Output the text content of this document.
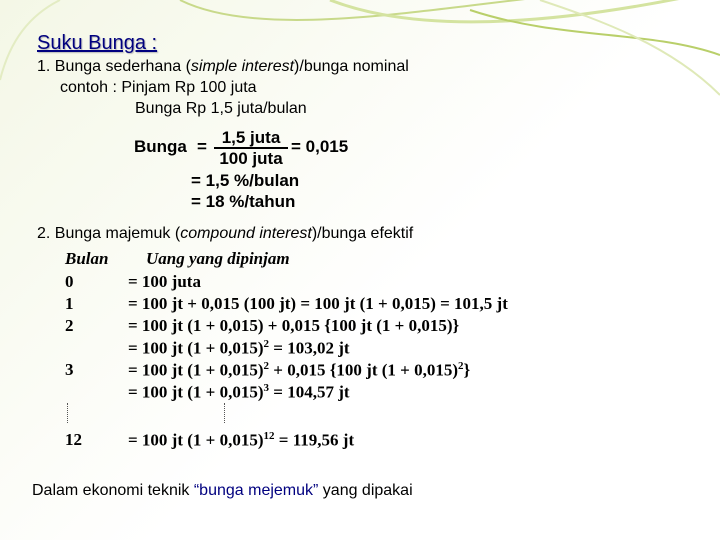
Suku Bunga :
1. Bunga sederhana (simple interest)/bunga nominal
contoh : Pinjam Rp 100 juta
Bunga Rp 1,5 juta/bulan
Bunga = 1,5 juta
100 juta
= 0,015
= 1,5 %/bulan
= 18 %/tahun
2. Bunga majemuk (compound interest)/bunga efektif
Bulan Uang yang dipinjam
0	= 100 juta
1	= 100 jt + 0,015 (100 jt) = 100 jt (1 + 0,015) = 101,5 jt
2	= 100 jt (1 + 0,015) + 0,015 {100 jt (1 + 0,015)}
= 100 jt $(1 + 0,015)^2 = 103,02$ jt
3	= 100 jt $(1 + 0,015)^2 + 0,015$ {100 jt $(1 + 0,015)^2$}
= 100 jt $(1 + 0,015)^3 = 104,57$ jt
12	= 100 jt $(1 + 0,015)^{12} = 119,56$ jt
Dalam ekonomi teknik “bunga mejemuk” yang dipakai
